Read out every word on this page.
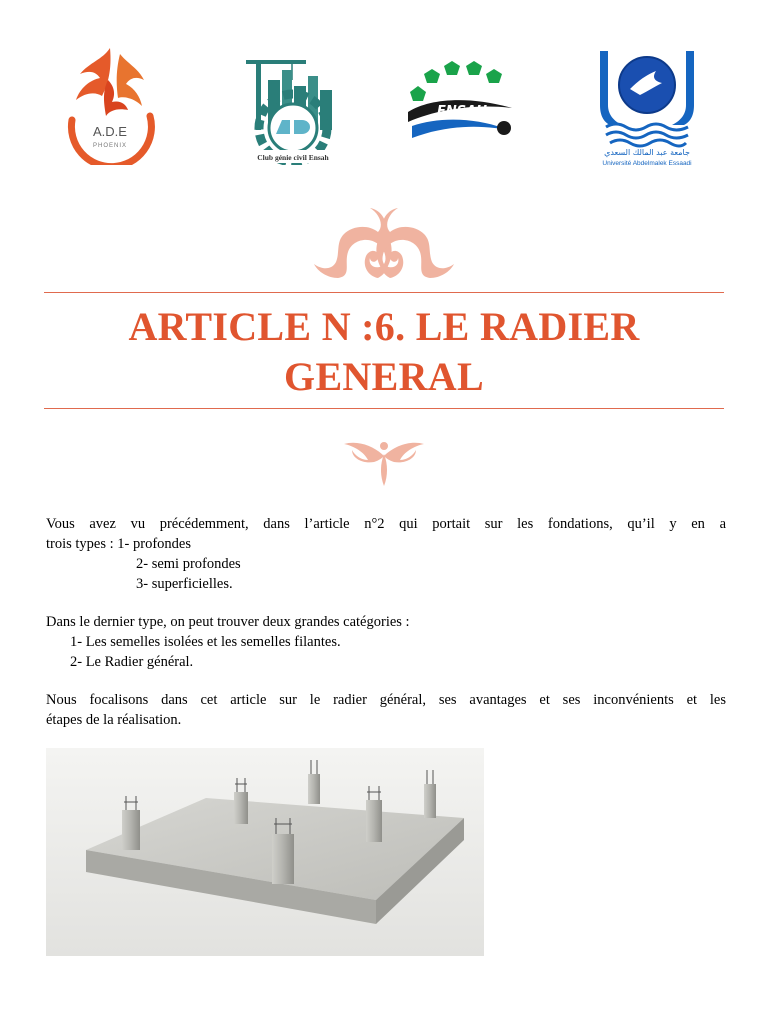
A.D.E
PHOENIX
Club génie civil Ensah
ENSAH
جامعة عبد المالك السعدي
Université Abdelmalek Essaadi
ARTICLE N :6. LE RADIER GENERAL
Vous avez vu précédemment, dans l’article n°2 qui portait sur les fondations, qu’il y en a
trois types : 1- profondes
2- semi profondes
3- superficielles.
Dans le dernier type, on peut trouver deux grandes catégories :
1- Les semelles isolées et les semelles filantes.
2- Le Radier général.
Nous focalisons dans cet article sur le radier général, ses avantages et ses inconvénients et les
étapes de la réalisation.
